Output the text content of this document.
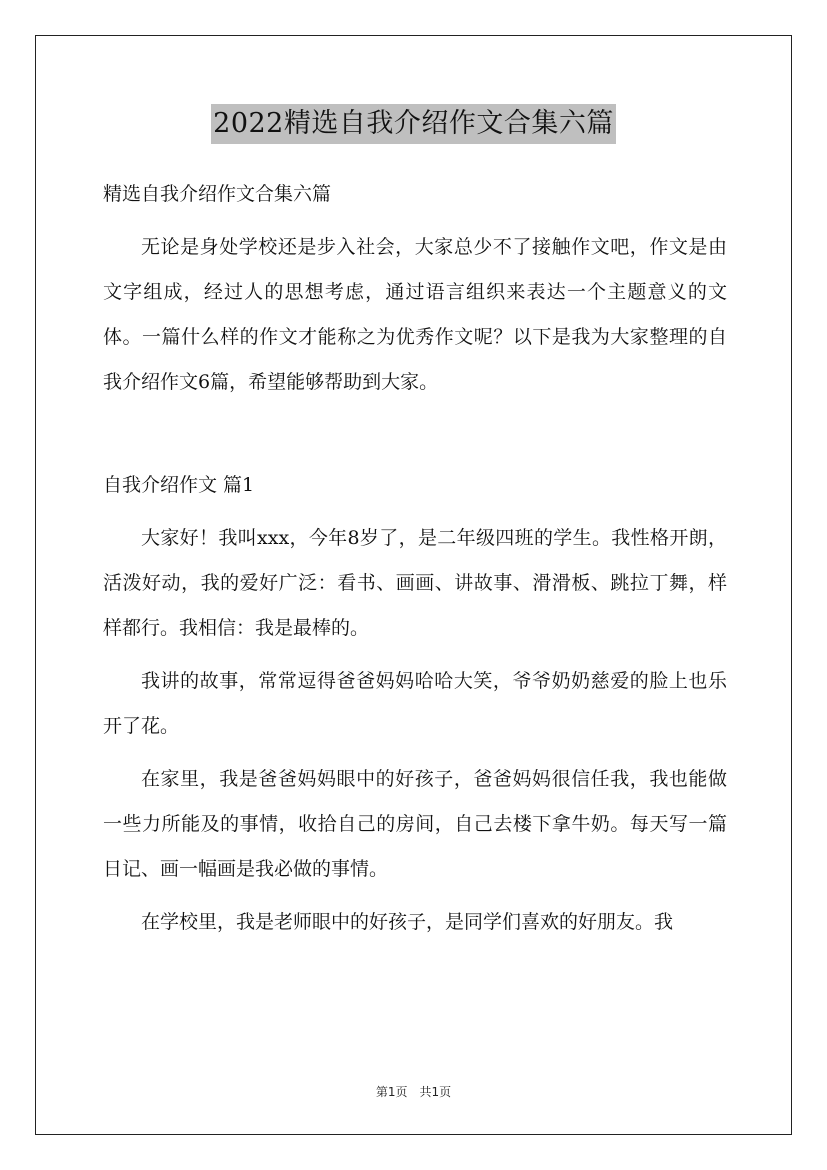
2022精选自我介绍作文合集六篇

精选自我介绍作文合集六篇

无论是身处学校还是步入社会，大家总少不了接触作文吧，作文是由文字组成，经过人的思想考虑，通过语言组织来表达一个主题意义的文体。一篇什么样的作文才能称之为优秀作文呢？以下是我为大家整理的自我介绍作文6篇，希望能够帮助到大家。

自我介绍作文 篇1

大家好！我叫xxx，今年8岁了，是二年级四班的学生。我性格开朗，活泼好动，我的爱好广泛：看书、画画、讲故事、滑滑板、跳拉丁舞，样样都行。我相信：我是最棒的。

我讲的故事，常常逗得爸爸妈妈哈哈大笑，爷爷奶奶慈爱的脸上也乐开了花。

在家里，我是爸爸妈妈眼中的好孩子，爸爸妈妈很信任我，我也能做一些力所能及的事情，收拾自己的房间，自己去楼下拿牛奶。每天写一篇日记、画一幅画是我必做的事情。

在学校里，我是老师眼中的好孩子，是同学们喜欢的好朋友。我

第1页 共1页
